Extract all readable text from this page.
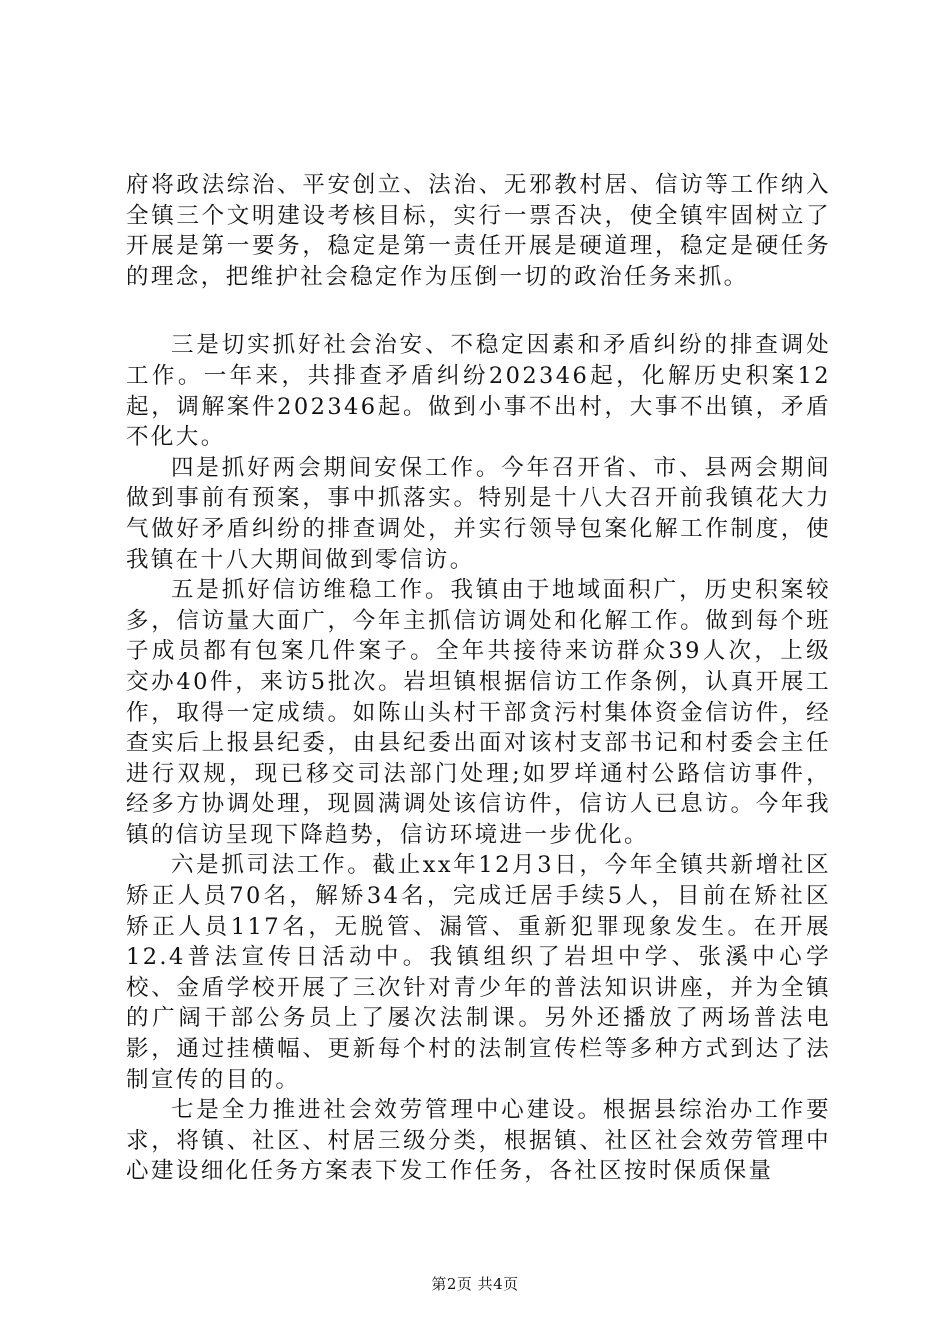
府将政法综治、平安创立、法治、无邪教村居、信访等工作纳入全镇三个文明建设考核目标，实行一票否决，使全镇牢固树立了开展是第一要务，稳定是第一责任开展是硬道理，稳定是硬任务的理念，把维护社会稳定作为压倒一切的政治任务来抓。

三是切实抓好社会治安、不稳定因素和矛盾纠纷的排查调处工作。一年来，共排查矛盾纠纷202346起，化解历史积案12起，调解案件202346起。做到小事不出村，大事不出镇，矛盾不化大。

四是抓好两会期间安保工作。今年召开省、市、县两会期间做到事前有预案，事中抓落实。特别是十八大召开前我镇花大力气做好矛盾纠纷的排查调处，并实行领导包案化解工作制度，使我镇在十八大期间做到零信访。

五是抓好信访维稳工作。我镇由于地域面积广，历史积案较多，信访量大面广，今年主抓信访调处和化解工作。做到每个班子成员都有包案几件案子。全年共接待来访群众39人次，上级交办40件，来访5批次。岩坦镇根据信访工作条例，认真开展工作，取得一定成绩。如陈山头村干部贪污村集体资金信访件，经查实后上报县纪委，由县纪委出面对该村支部书记和村委会主任进行双规，现已移交司法部门处理;如罗垟通村公路信访事件，经多方协调处理，现圆满调处该信访件，信访人已息访。今年我镇的信访呈现下降趋势，信访环境进一步优化。

六是抓司法工作。截止xx年12月3日，今年全镇共新增社区矫正人员70名，解矫34名，完成迁居手续5人，目前在矫社区矫正人员117名，无脱管、漏管、重新犯罪现象发生。在开展12.4普法宣传日活动中。我镇组织了岩坦中学、张溪中心学校、金盾学校开展了三次针对青少年的普法知识讲座，并为全镇的广阔干部公务员上了屡次法制课。另外还播放了两场普法电影，通过挂横幅、更新每个村的法制宣传栏等多种方式到达了法制宣传的目的。

七是全力推进社会效劳管理中心建设。根据县综治办工作要求，将镇、社区、村居三级分类，根据镇、社区社会效劳管理中心建设细化任务方案表下发工作任务，各社区按时保质保量

第2页 共4页
